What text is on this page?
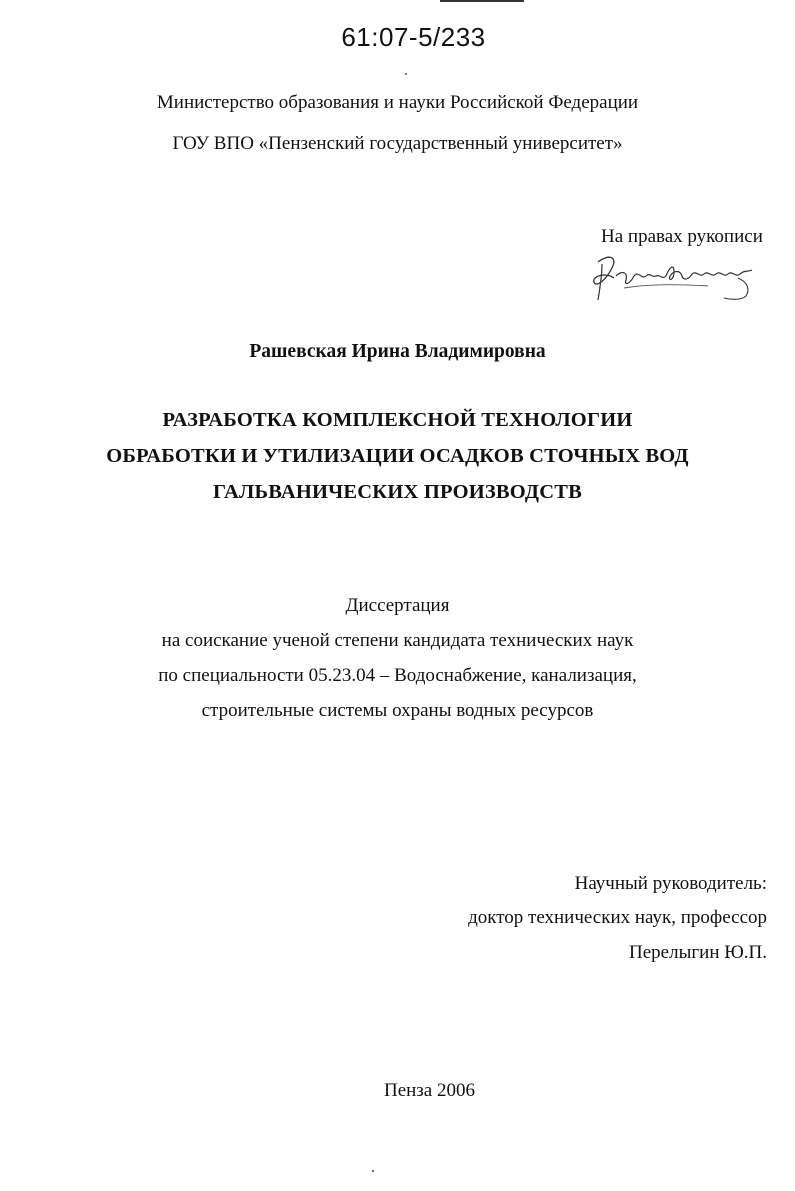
61:07-5/233
Министерство образования и науки Российской Федерации
ГОУ ВПО «Пензенский государственный университет»
На правах рукописи
Рашевская Ирина Владимировна
РАЗРАБОТКА КОМПЛЕКСНОЙ ТЕХНОЛОГИИ
ОБРАБОТКИ И УТИЛИЗАЦИИ ОСАДКОВ СТОЧНЫХ ВОД
ГАЛЬВАНИЧЕСКИХ ПРОИЗВОДСТВ
Диссертация
на соискание ученой степени кандидата технических наук
по специальности 05.23.04 – Водоснабжение, канализация,
строительные системы охраны водных ресурсов
Научный руководитель:
доктор технических наук, профессор
Перелыгин Ю.П.
Пенза 2006
